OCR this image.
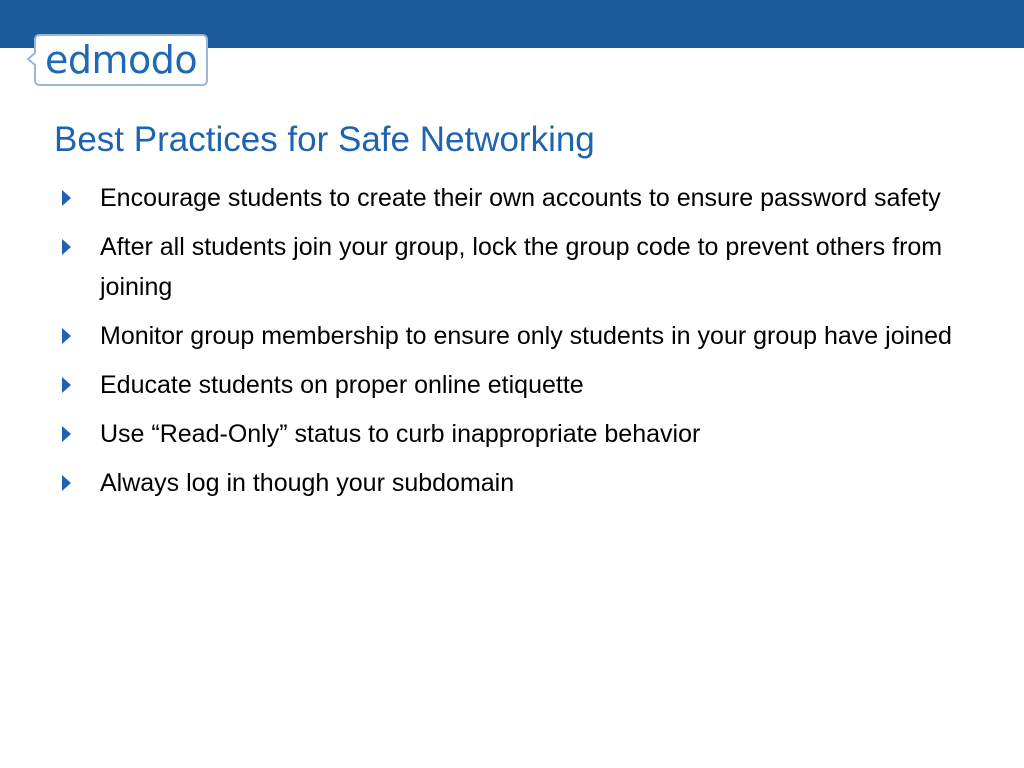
edmodo
Best Practices for Safe Networking
Encourage students to create their own accounts to ensure password safety
After all students join your group, lock the group code to prevent others from joining
Monitor group membership to ensure only students in your group have joined
Educate students on proper online etiquette
Use “Read-Only” status to curb inappropriate behavior
Always log in though your subdomain
